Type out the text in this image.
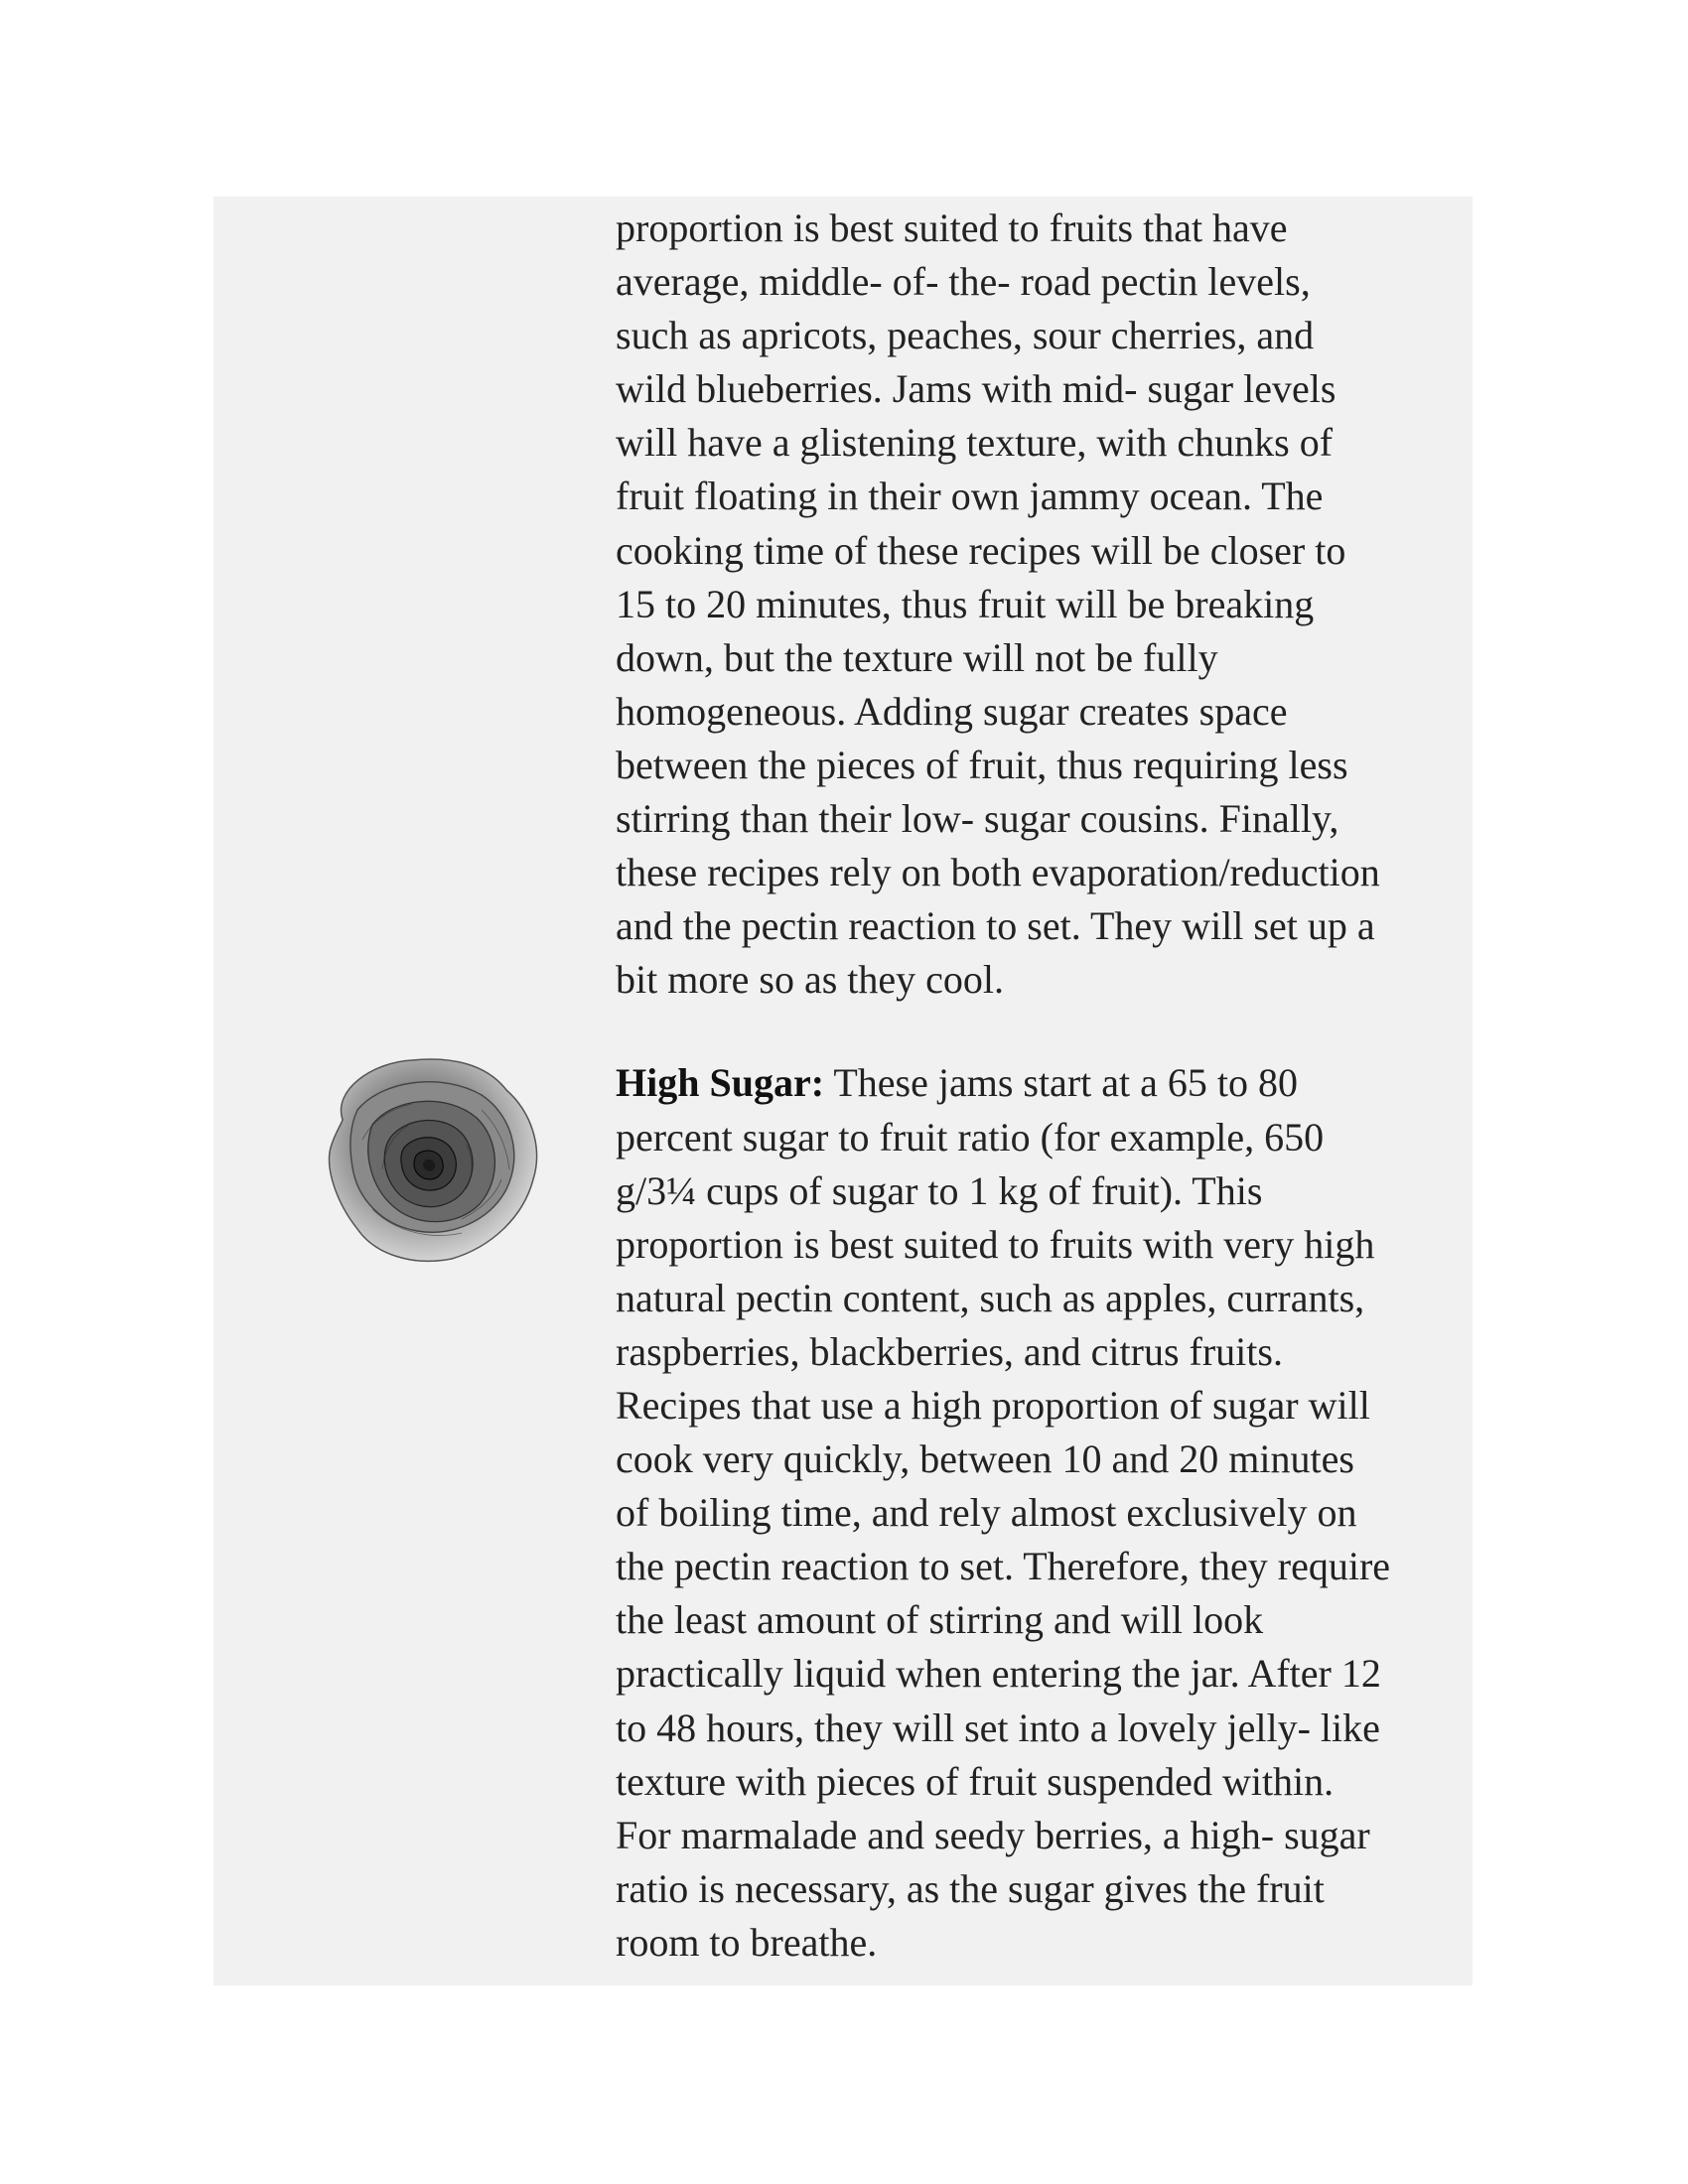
proportion is best suited to fruits that have
average, middle- of- the- road pectin levels,
such as apricots, peaches, sour cherries, and
wild blueberries. Jams with mid- sugar levels
will have a glistening texture, with chunks of
fruit floating in their own jammy ocean. The
cooking time of these recipes will be closer to
15 to 20 minutes, thus fruit will be breaking
down, but the texture will not be fully
homogeneous. Adding sugar creates space
between the pieces of fruit, thus requiring less
stirring than their low- sugar cousins. Finally,
these recipes rely on both evaporation/reduction
and the pectin reaction to set. They will set up a
bit more so as they cool.

High Sugar: These jams start at a 65 to 80
percent sugar to fruit ratio (for example, 650
g/3¼ cups of sugar to 1 kg of fruit). This
proportion is best suited to fruits with very high
natural pectin content, such as apples, currants,
raspberries, blackberries, and citrus fruits.
Recipes that use a high proportion of sugar will
cook very quickly, between 10 and 20 minutes
of boiling time, and rely almost exclusively on
the pectin reaction to set. Therefore, they require
the least amount of stirring and will look
practically liquid when entering the jar. After 12
to 48 hours, they will set into a lovely jelly- like
texture with pieces of fruit suspended within.
For marmalade and seedy berries, a high- sugar
ratio is necessary, as the sugar gives the fruit
room to breathe.
